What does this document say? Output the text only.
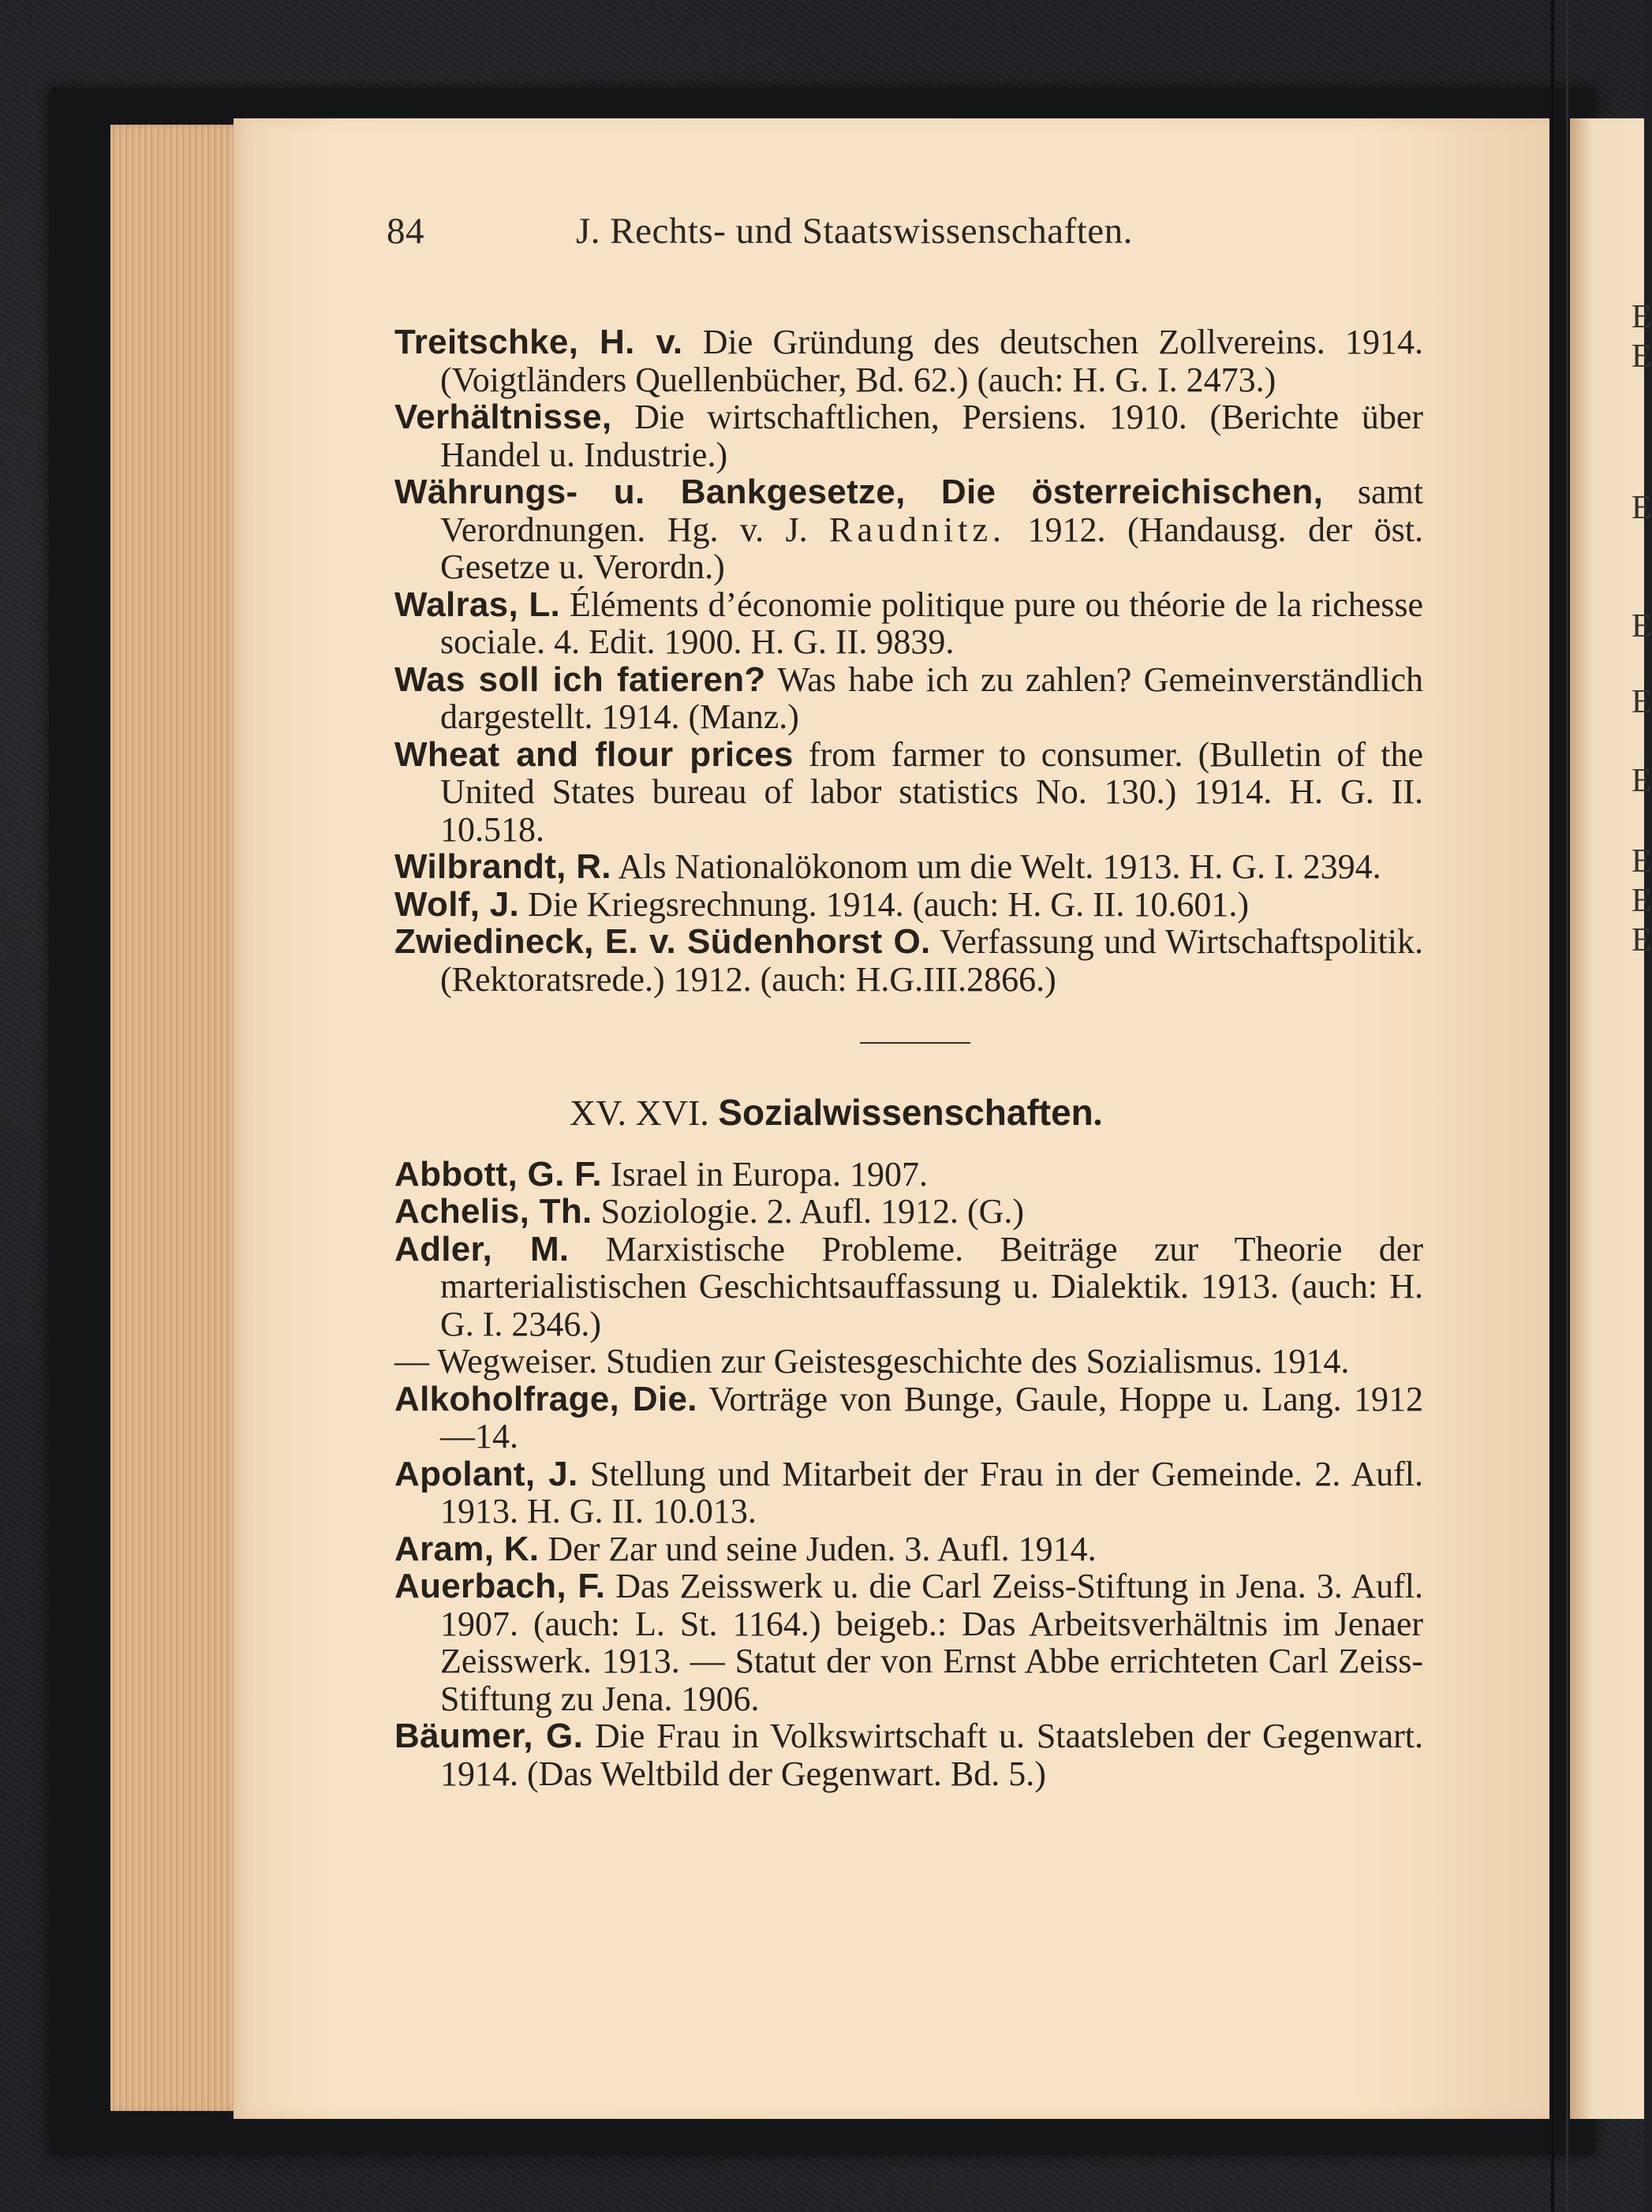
E
E
E
E
E
E
E
E
E
84	J. Rechts- und Staatswissenschaften.
Treitschke, H. v. Die Gründung des deutschen Zollvereins. 1914. (Voigtländers Quellenbücher, Bd. 62.) (auch: H. G. I. 2473.)
Verhältnisse, Die wirtschaftlichen, Persiens. 1910. (Berichte über Handel u. Industrie.)
Währungs- u. Bankgesetze, Die österreichischen, samt Verordnungen. Hg. v. J. Raudnitz. 1912. (Handausg. der öst. Gesetze u. Verordn.)
Walras, L. Éléments d’économie politique pure ou théorie de la richesse sociale. 4. Edit. 1900. H. G. II. 9839.
Was soll ich fatieren? Was habe ich zu zahlen? Gemeinverständlich dargestellt. 1914. (Manz.)
Wheat and flour prices from farmer to consumer. (Bulletin of the United States bureau of labor statistics No. 130.) 1914. H. G. II. 10.518.
Wilbrandt, R. Als Nationalökonom um die Welt. 1913. H. G. I. 2394.
Wolf, J. Die Kriegsrechnung. 1914. (auch: H. G. II. 10.601.)
Zwiedineck, E. v. Südenhorst O. Verfassung und Wirtschaftspolitik. (Rektoratsrede.) 1912. (auch: H.G.III.2866.)
XV. XVI. Sozialwissenschaften.
Abbott, G. F. Israel in Europa. 1907.
Achelis, Th. Soziologie. 2. Aufl. 1912. (G.)
Adler, M. Marxistische Probleme. Beiträge zur Theorie der marterialistischen Geschichtsauffassung u. Dialektik. 1913. (auch: H. G. I. 2346.)
— Wegweiser. Studien zur Geistesgeschichte des Sozialismus. 1914.
Alkoholfrage, Die. Vorträge von Bunge, Gaule, Hoppe u. Lang. 1912—14.
Apolant, J. Stellung und Mitarbeit der Frau in der Gemeinde. 2. Aufl. 1913. H. G. II. 10.013.
Aram, K. Der Zar und seine Juden. 3. Aufl. 1914.
Auerbach, F. Das Zeisswerk u. die Carl Zeiss-Stiftung in Jena. 3. Aufl. 1907. (auch: L. St. 1164.) beigeb.: Das Arbeitsverhältnis im Jenaer Zeisswerk. 1913. — Statut der von Ernst Abbe errichteten Carl Zeiss-Stiftung zu Jena. 1906.
Bäumer, G. Die Frau in Volkswirtschaft u. Staatsleben der Gegenwart. 1914. (Das Weltbild der Gegenwart. Bd. 5.)
